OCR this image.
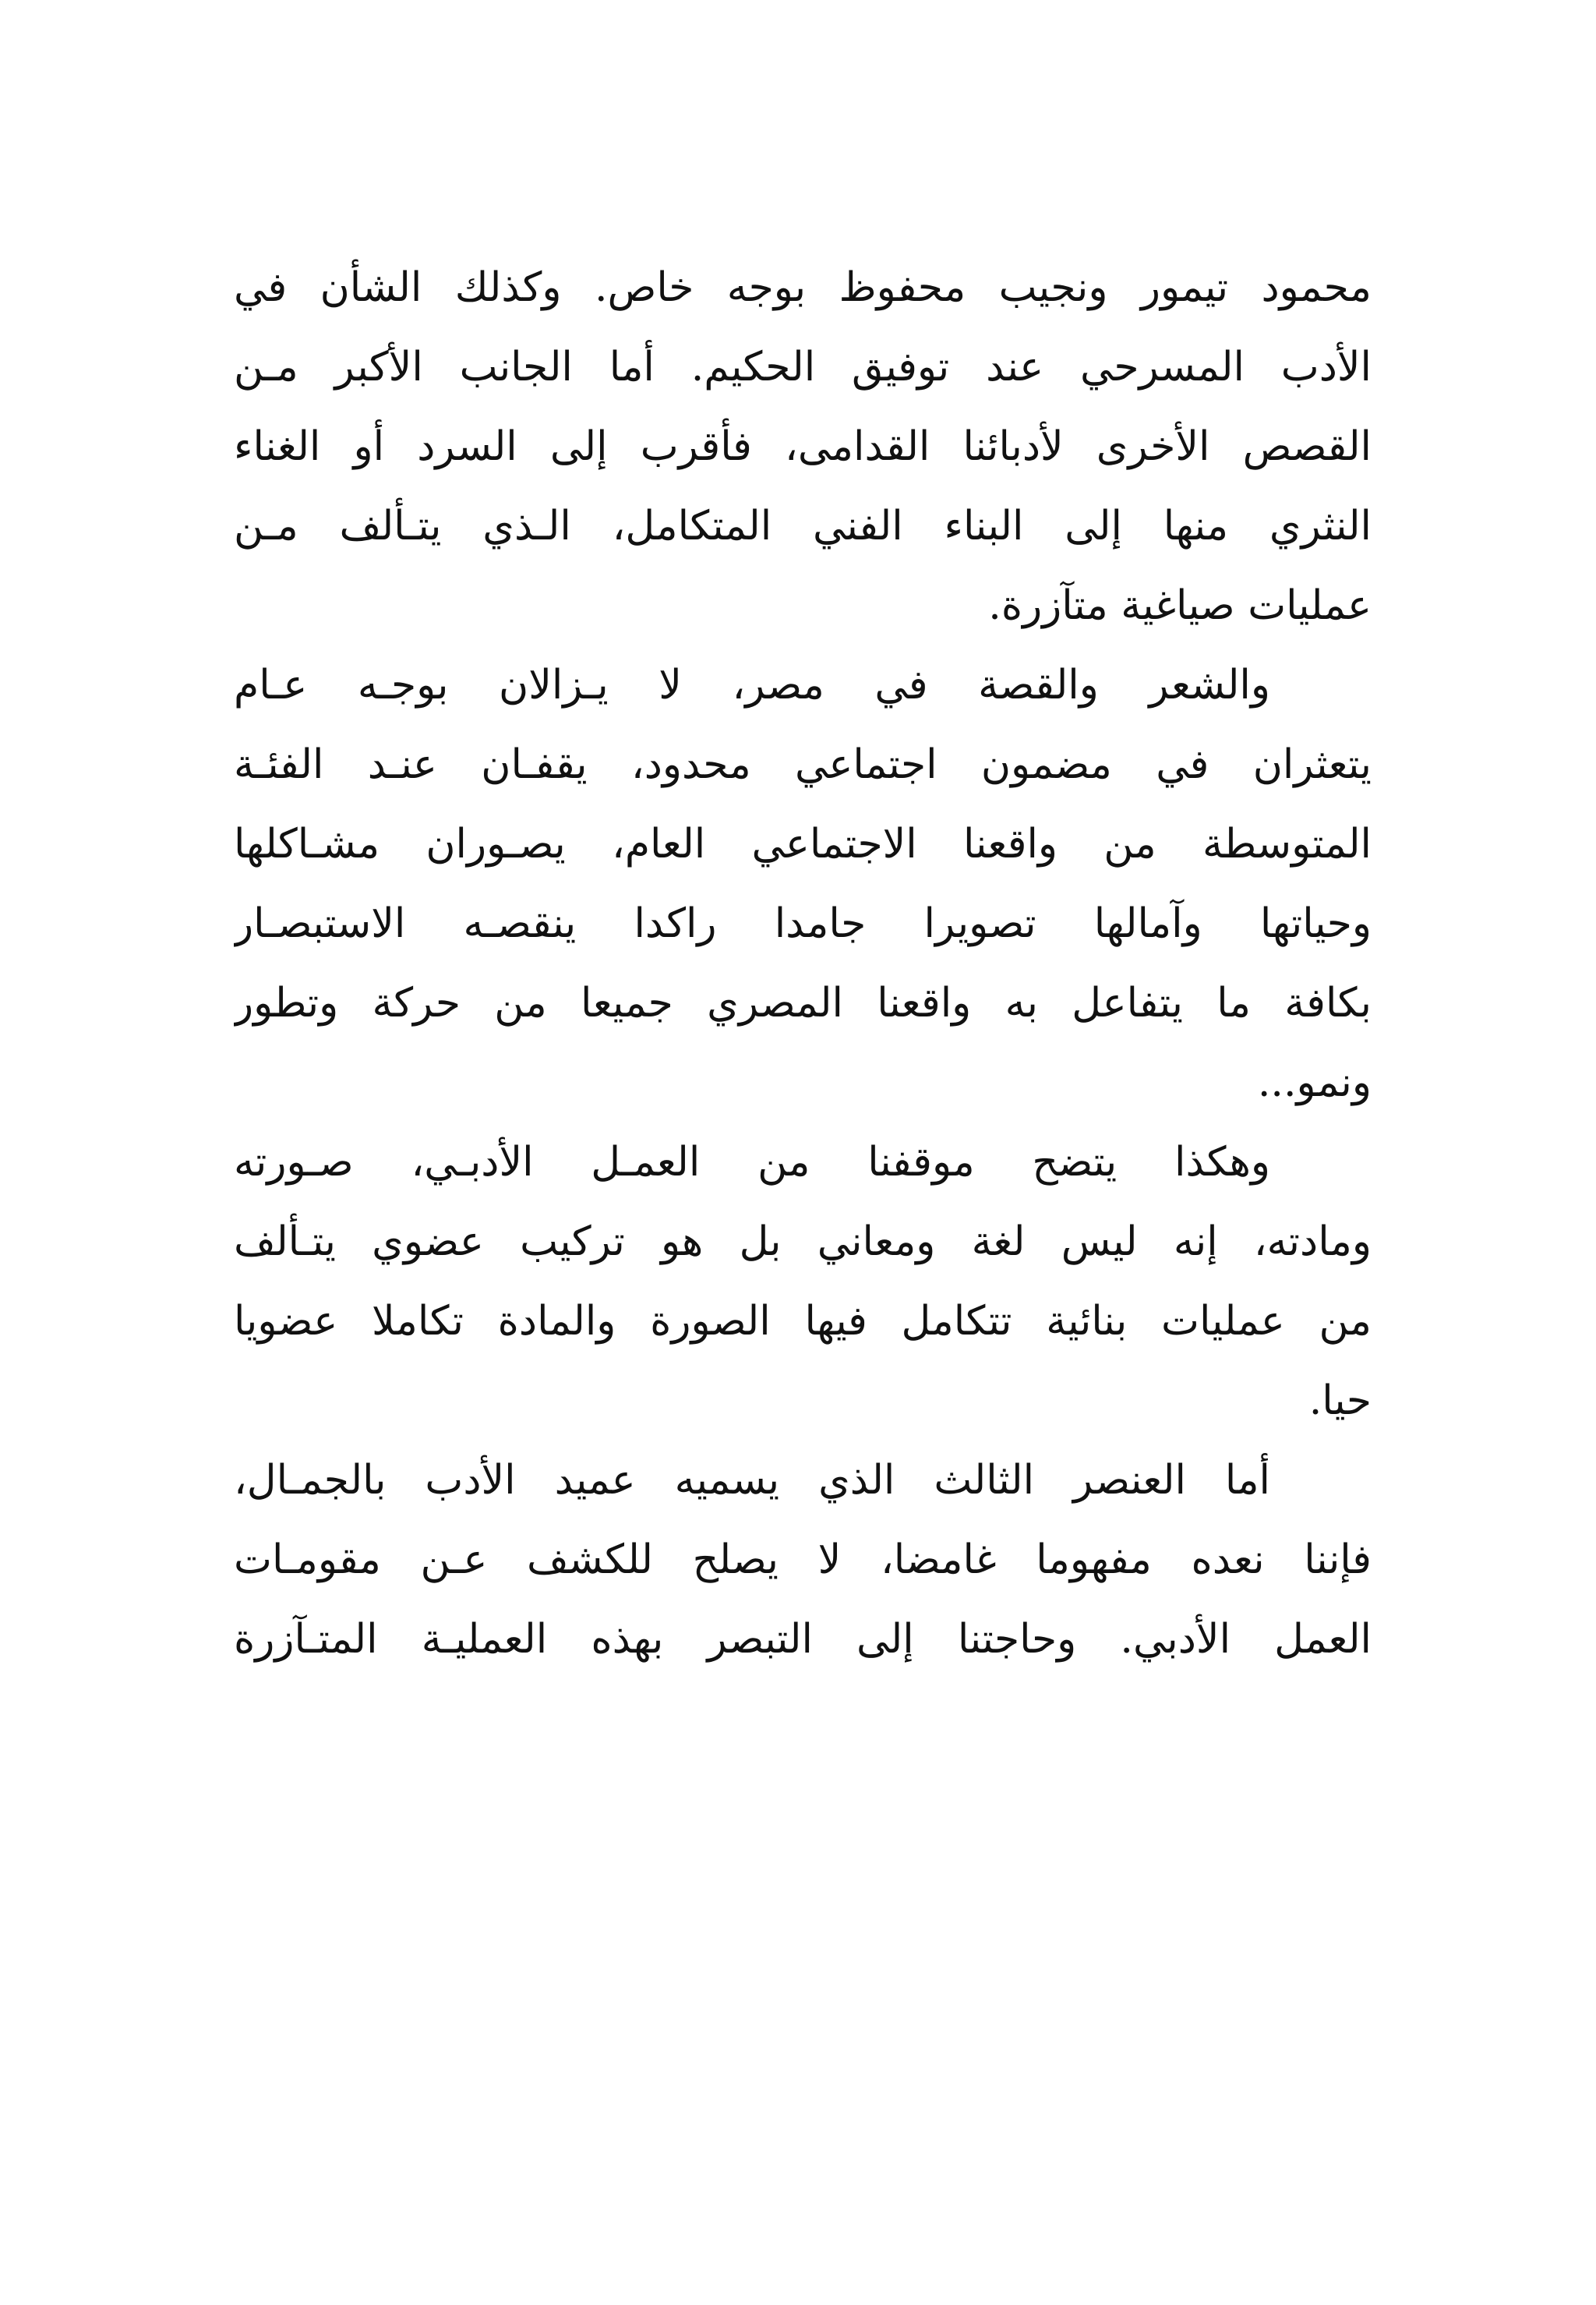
محمود تيمور ونجيب محفوظ بوجه خاص. وكذلك الشأن في
الأدب المسرحي عند توفيق الحكيم. أما الجانب الأكبر مـن
القصص الأخرى لأدبائنا القدامى، فأقرب إلى السرد أو الغناء
النثري منها إلى البناء الفني المتكامل، الـذي يتـألف مـن
عمليات صياغية متآزرة.
والشعر والقصة في مصر، لا يـزالان بوجـه عـام
يتعثران في مضمون اجتماعي محدود، يقفـان عنـد الفئـة
المتوسطة من واقعنا الاجتماعي العام، يصـوران مشـاكلها
وحياتها وآمالها تصويرا جامدا راكدا ينقصـه الاستبصـار
بكافة ما يتفاعل به واقعنا المصري جميعا من حركة وتطور
ونمو...
وهكذا يتضح موقفنا من العمـل الأدبـي، صـورته
ومادته، إنه ليس لغة ومعاني بل هو تركيب عضوي يتـألف
من عمليات بنائية تتكامل فيها الصورة والمادة تكاملا عضويا
حيا.
أما العنصر الثالث الذي يسميه عميد الأدب بالجمـال،
فإننا نعده مفهوما غامضا، لا يصلح للكشف عـن مقومـات
العمل الأدبي. وحاجتنا إلى التبصر بهذه العمليـة المتـآزرة
